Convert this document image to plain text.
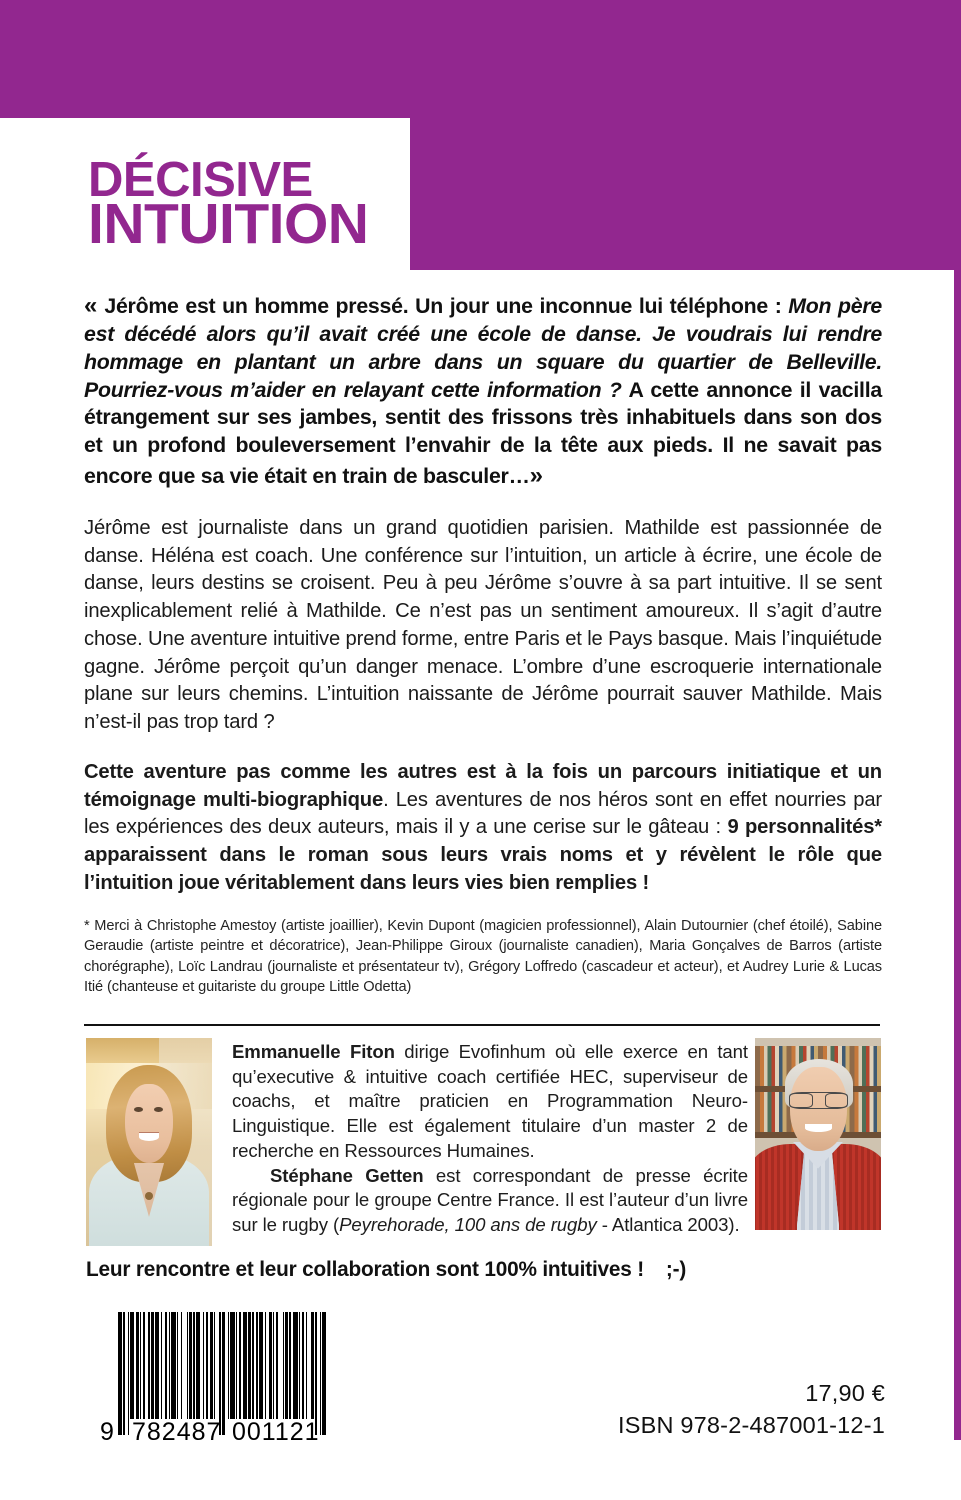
DÉCISIVE
INTUITION

« Jérôme est un homme pressé. Un jour une inconnue lui téléphone : Mon père est décédé alors qu’il avait créé une école de danse. Je voudrais lui rendre hommage en plantant un arbre dans un square du quartier de Belleville. Pourriez-vous m’aider en relayant cette information ? A cette annonce il vacilla étrangement sur ses jambes, sentit des frissons très inhabituels dans son dos et un profond bouleversement l’envahir de la tête aux pieds. Il ne savait pas encore que sa vie était en train de basculer…»

Jérôme est journaliste dans un grand quotidien parisien. Mathilde est passionnée de danse. Héléna est coach. Une conférence sur l’intuition, un article à écrire, une école de danse, leurs destins se croisent. Peu à peu Jérôme s’ouvre à sa part intuitive. Il se sent inexplicablement relié à Mathilde. Ce n’est pas un sentiment amoureux. Il s’agit d’autre chose. Une aventure intuitive prend forme, entre Paris et le Pays basque. Mais l’inquiétude gagne. Jérôme perçoit qu’un danger menace. L’ombre d’une escroquerie internationale plane sur leurs chemins. L’intuition naissante de Jérôme pourrait sauver Mathilde. Mais n’est-il pas trop tard ?

Cette aventure pas comme les autres est à la fois un parcours initiatique et un témoignage multi-biographique. Les aventures de nos héros sont en effet nourries par les expériences des deux auteurs, mais il y a une cerise sur le gâteau : 9 personnalités* apparaissent dans le roman sous leurs vrais noms et y révèlent le rôle que l’intuition joue véritablement dans leurs vies bien remplies !

* Merci à Christophe Amestoy (artiste joaillier), Kevin Dupont (magicien professionnel), Alain Dutournier (chef étoilé), Sabine Geraudie (artiste peintre et décoratrice), Jean-Philippe Giroux (journaliste canadien), Maria Gonçalves de Barros (artiste chorégraphe), Loïc Landrau (journaliste et présentateur tv), Grégory Loffredo (cascadeur et acteur), et Audrey Lurie & Lucas Itié (chanteuse et guitariste du groupe Little Odetta)

Emmanuelle Fiton dirige Evofinhum où elle exerce en tant qu’executive & intuitive coach certifiée HEC, superviseur de coachs, et maître praticien en Programmation Neuro-Linguistique. Elle est également titulaire d’un master 2 de recherche en Ressources Humaines.
Stéphane Getten est correspondant de presse écrite régionale pour le groupe Centre France. Il est l’auteur d’un livre sur le rugby (Peyrehorade, 100 ans de rugby - Atlantica 2003).
Leur rencontre et leur collaboration sont 100% intuitives ! ;-)
9 782487 001121
17,90 €
ISBN 978-2-487001-12-1
